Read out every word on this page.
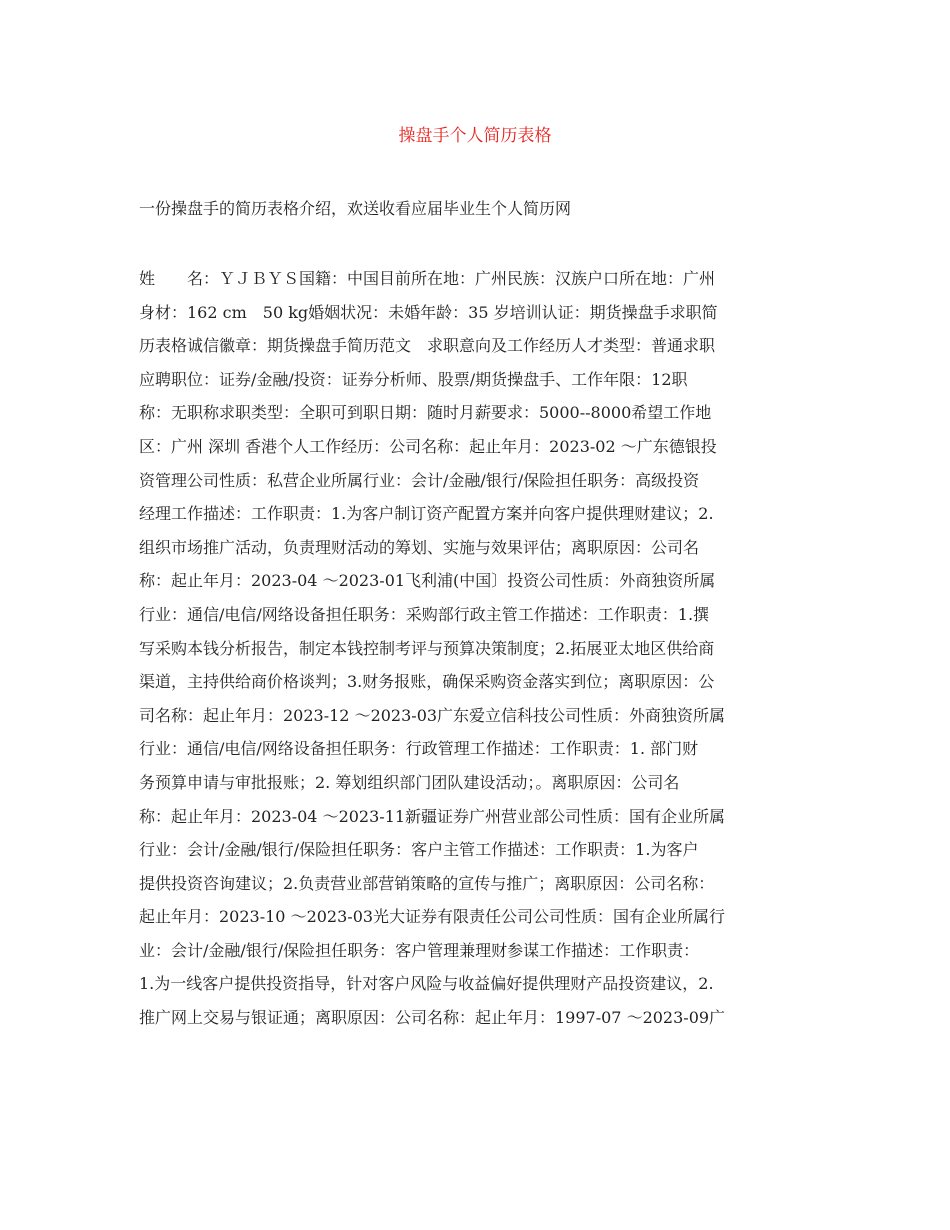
操盘手个人简历表格

一份操盘手的简历表格介绍，欢送收看应届毕业生个人简历网

姓　　名：ＹＪＢＹＳ国籍：中国目前所在地：广州民族：汉族户口所在地：广州
身材：162 cm　50 kg婚姻状况：未婚年龄：35 岁培训认证：期货操盘手求职简
历表格诚信徽章：期货操盘手简历范文　求职意向及工作经历人才类型：普通求职
应聘职位：证券/金融/投资：证券分析师、股票/期货操盘手、工作年限：12职
称：无职称求职类型：全职可到职日期：随时月薪要求：5000--8000希望工作地
区：广州 深圳 香港个人工作经历：公司名称：起止年月：2023-02 ～广东德银投
资管理公司性质：私营企业所属行业：会计/金融/银行/保险担任职务：高级投资
经理工作描述：工作职责：1.为客户制订资产配置方案并向客户提供理财建议；2.
组织市场推广活动，负责理财活动的筹划、实施与效果评估；离职原因：公司名
称：起止年月：2023-04 ～2023-01飞利浦(中国〕投资公司性质：外商独资所属
行业：通信/电信/网络设备担任职务：采购部行政主管工作描述：工作职责：1.撰
写采购本钱分析报告，制定本钱控制考评与预算决策制度；2.拓展亚太地区供给商
渠道，主持供给商价格谈判；3.财务报账，确保采购资金落实到位；离职原因：公
司名称：起止年月：2023-12 ～2023-03广东爱立信科技公司性质：外商独资所属
行业：通信/电信/网络设备担任职务：行政管理工作描述：工作职责：1. 部门财
务预算申请与审批报账；2. 筹划组织部门团队建设活动；。离职原因：公司名
称：起止年月：2023-04 ～2023-11新疆证券广州营业部公司性质：国有企业所属
行业：会计/金融/银行/保险担任职务：客户主管工作描述：工作职责：1.为客户
提供投资咨询建议；2.负责营业部营销策略的宣传与推广；离职原因：公司名称：
起止年月：2023-10 ～2023-03光大证券有限责任公司公司性质：国有企业所属行
业：会计/金融/银行/保险担任职务：客户管理兼理财参谋工作描述：工作职责：
1.为一线客户提供投资指导，针对客户风险与收益偏好提供理财产品投资建议，2.
推广网上交易与银证通；离职原因：公司名称：起止年月：1997-07 ～2023-09广
